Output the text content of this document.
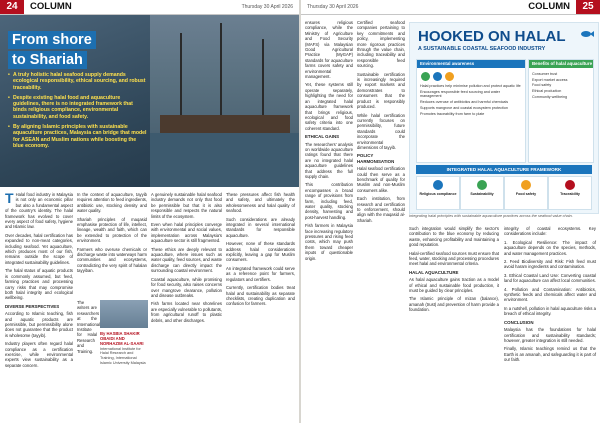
24	COLUMN	Thursday 30 April 2026
From shore
to Shariah
• A truly holistic halal seafood supply demands ecological responsibility, ethical sourcing, and robust traceability.
• Despite existing halal food and aquaculture guidelines, there is no integrated framework that binds religious compliance, environmental sustainability, and food safety.
• By aligning Islamic principles with sustainable aquaculture practices, Malaysia can bridge that model for ASEAN and Muslim nations while boosting the blue economy.

T Halal food industry in Malaysia is not only an economic pillar but also a fundamental aspect of the country's identity. The halal framework has evolved to cover every aspect of food safety, hygiene and Islamic law.

Over decades, halal certification has expanded to non-meat categories, including seafood. Yet aquaculture, which produces most of our fish, remains outside the scope of integrated sustainability guidelines.

The halal status of aquatic products is commonly assumed, but feed, farming practices and processing carry risks that may compromise both halal integrity and ecological wellbeing.

DIVERSE PERSPECTIVES

According to Islamic teaching, fish and aquatic products are permissible, but permissibility alone does not guarantee that the product is wholesome (tayyib).

Industry players often regard halal compliance as a certification exercise, while environmental experts view sustainability as a separate concern.

In the context of aquaculture, tayyib requires attention to feed ingredients, antibiotic use, stocking density and water quality.

Shariah principles of maqasid emphasise protection of life, intellect, lineage, wealth and faith, which can be extended to protection of the environment.

Farmers who overuse chemicals or discharge waste into waterways harm communities and ecosystems, contradicting the very spirit of halalan tayyiban.

The writers are researchers at the International Institute for Halal Research and Training.

By HASBIA SHAKIR OBAIDI AND NORHAZIM AL-SAARI
International Institute for Halal Research and Training, International Islamic University Malaysia

A genuinely sustainable halal seafood industry demands not only that food be permissible but that it is also responsible and respects the natural limits of the ecosystem.

Even when halal principles converge with environmental and social values, implementation across Malaysia's aquaculture sector is still fragmented.

These ethics are deeply relevant to aquaculture, where issues such as water quality, feed sources, and waste discharge can directly impact the surrounding coastal environment.

Coastal aquaculture, while promising for food security, also raises concerns over mangrove clearance, pollution and disease outbreaks.

Fish farms located near shorelines are especially vulnerable to pollutants, from agricultural runoff to plastic debris, and other discharges.

These pressures affect fish health and safety, and ultimately the wholesomeness and halal quality of seafood.

Such considerations are already integrated in several international standards for responsible aquaculture.

However, none of these standards address halal considerations explicitly, leaving a gap for Muslim consumers.

An integrated framework could serve as a reference point for farmers, regulators and certifiers.

Currently, certification bodies treat halal and sustainability as separate checklists, creating duplication and confusion for farmers.

Thursday 30 April 2026	COLUMN	25

ensures religious compliance, while the Ministry of Agriculture and Food Security (MAFS) via Malaysian Good Agricultural Practice (MyGAP) standards for aquaculture farms covers safety and environmental management.

Yet, these systems still operate separately, highlighting the need for an integrated halal aquaculture framework that brings religious, ecological and food safety criteria into one coherent standard.

ETHICAL GAINS

The researchers' analysis on worldwide aquaculture ratings found that there are no integrated halal aquaculture guidelines that address the full supply chain.

This contribution encompasses a broad range of provisions from farm, including feed, water quality, stocking density, harvesting and post-harvest handling.

Fish farmers in Malaysia face increasing regulatory pressures and rising feed costs, which may push them toward cheaper inputs of questionable origin.

Certified seafood companies pertaining to key commitments and policy, implementing more rigorous practices through the value chain, including traceability and responsible feed sourcing.

Sustainable certification is increasingly required by export markets and demonstrates to consumers that the product is responsibly produced.

While halal certification currently focuses on permissibility, future standards could incorporate the environmental dimensions of tayyib.

POLICY HARMONISATION

Halal seafood certification could then serve as a benchmark of quality for Muslim and non-Muslim consumers alike.

Each institution, from research and certification to enforcement, should align with the maqasid al-Shariah.

HOOKED ON HALAL
A SUSTAINABLE COASTAL SEAFOOD INDUSTRY
Environmental awareness
Halal practices help minimise pollution and protect aquatic life
Encourages responsible feed sourcing and water management
Reduces overuse of antibiotics and harmful chemicals
Supports mangrove and coastal ecosystem protection
Promotes traceability from farm to plate
Benefits of halal aquaculture
Consumer trust
Export market access
Food safety
Ethical production
Community wellbeing
INTEGRATED HALAL AQUACULTURE FRAMEWORK
Religious compliance	Sustainability	Food safety	Traceability
Integrating halal principles with sustainable aquaculture practices across the seafood value chain.

Such integration would simplify the sector's contribution to the blue economy by reducing waste, enhancing profitability and maintaining a good reputation.

Halal-certified seafood sources must ensure that feed, water, stocking and processing procedures meet halal and environmental criteria.

HALAL AQUACULTURE

As halal aquaculture gains traction as a model of ethical and sustainable food production, it must be guided by clear principles.

The Islamic principle of mizan (balance), amanah (trust) and prevention of harm provide a foundation.

integrity of coastal ecosystems. Key considerations include:

1. Ecological Resilience: The impact of aquaculture depends on the species, methods, and water management practices.

2. Feed Biodiversity and Risk: Fish feed must avoid haram ingredients and contamination.

3. Ethical Coastal Land Use: Converting coastal land for aquaculture can affect local communities.

4. Pollution and Contamination: Antibiotics, synthetic feeds and chemicals affect water and environment.

In a nutshell, pollution in halal aquaculture risks a breach of ethical integrity.

CONCLUSION

Malaysia has the foundations for halal certification and sustainability standards; however, greater integration is still needed.

Finally, Islamic teachings remind us that the Earth is an amanah, and safeguarding it is part of our faith.
